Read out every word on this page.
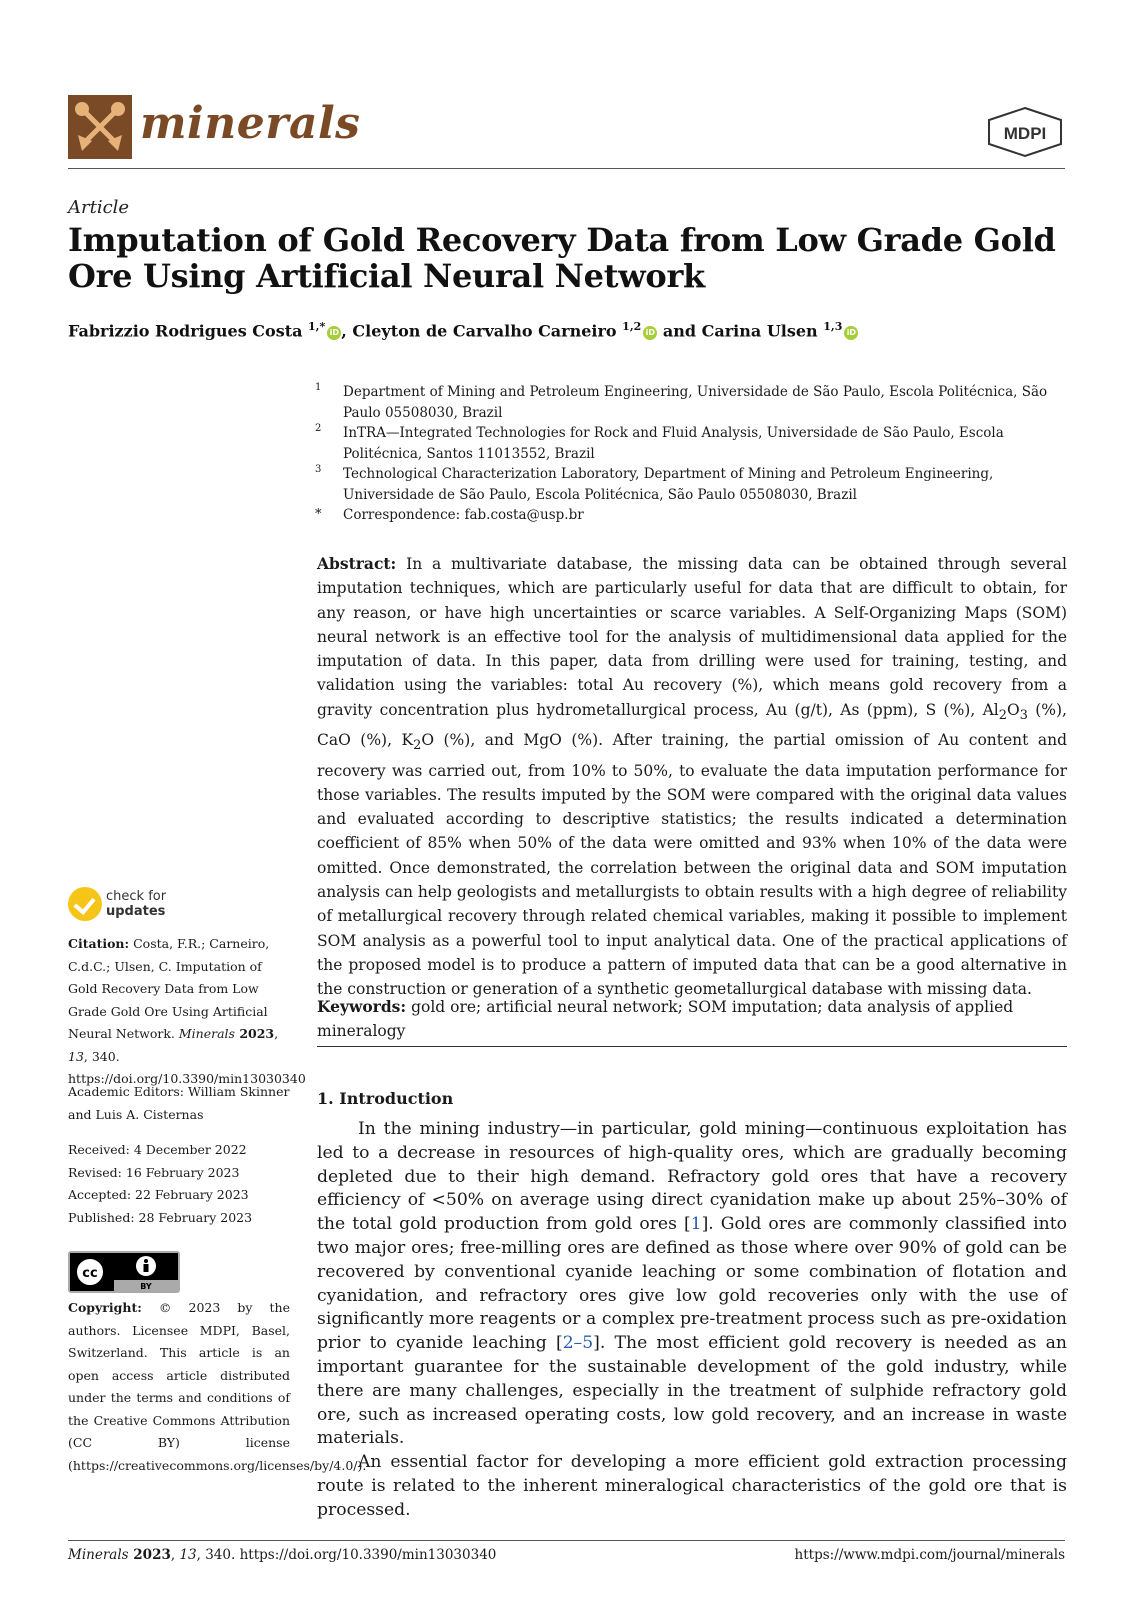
minerals	MDPI
Article
Imputation of Gold Recovery Data from Low Grade Gold Ore Using Artificial Neural Network
Fabrizzio Rodrigues Costa $^{1,*}$ iD , Cleyton de Carvalho Carneiro $^{1,2}$ iD and Carina Ulsen $^{1,3}$ iD
1 Department of Mining and Petroleum Engineering, Universidade de São Paulo, Escola Politécnica, São Paulo 05508030, Brazil
2 InTRA—Integrated Technologies for Rock and Fluid Analysis, Universidade de São Paulo, Escola Politécnica, Santos 11013552, Brazil
3 Technological Characterization Laboratory, Department of Mining and Petroleum Engineering, Universidade de São Paulo, Escola Politécnica, São Paulo 05508030, Brazil
* Correspondence: fab.costa@usp.br
Abstract: In a multivariate database, the missing data can be obtained through several imputation techniques, which are particularly useful for data that are difficult to obtain, for any reason, or have high uncertainties or scarce variables. A Self-Organizing Maps (SOM) neural network is an effective tool for the analysis of multidimensional data applied for the imputation of data. In this paper, data from drilling were used for training, testing, and validation using the variables: total Au recovery (%), which means gold recovery from a gravity concentration plus hydrometallurgical process, Au (g/t), As (ppm), S (%), $Al_2O_3$ (%), CaO (%), $K_2O$ (%), and MgO (%). After training, the partial omission of Au content and recovery was carried out, from 10% to 50%, to evaluate the data imputation performance for those variables. The results imputed by the SOM were compared with the original data values and evaluated according to descriptive statistics; the results indicated a determination coefficient of 85% when 50% of the data were omitted and 93% when 10% of the data were omitted. Once demonstrated, the correlation between the original data and SOM imputation analysis can help geologists and metallurgists to obtain results with a high degree of reliability of metallurgical recovery through related chemical variables, making it possible to implement SOM analysis as a powerful tool to input analytical data. One of the practical applications of the proposed model is to produce a pattern of imputed data that can be a good alternative in the construction or generation of a synthetic geometallurgical database with missing data.
Keywords: gold ore; artificial neural network; SOM imputation; data analysis of applied mineralogy
1. Introduction

In the mining industry—in particular, gold mining—continuous exploitation has led to a decrease in resources of high-quality ores, which are gradually becoming depleted due to their high demand. Refractory gold ores that have a recovery efficiency of <50% on average using direct cyanidation make up about 25%–30% of the total gold production from gold ores [1]. Gold ores are commonly classified into two major ores; free-milling ores are defined as those where over 90% of gold can be recovered by conventional cyanide leaching or some combination of flotation and cyanidation, and refractory ores give low gold recoveries only with the use of significantly more reagents or a complex pre-treatment process such as pre-oxidation prior to cyanide leaching [2–5]. The most efficient gold recovery is needed as an important guarantee for the sustainable development of the gold industry, while there are many challenges, especially in the treatment of sulphide refractory gold ore, such as increased operating costs, low gold recovery, and an increase in waste materials.

An essential factor for developing a more efficient gold extraction processing route is related to the inherent mineralogical characteristics of the gold ore that is processed.

check for
updates
Citation: Costa, F.R.; Carneiro, C.d.C.; Ulsen, C. Imputation of Gold Recovery Data from Low Grade Gold Ore Using Artificial Neural Network. Minerals 2023, 13, 340. https://doi.org/10.3390/min13030340
Academic Editors: William Skinner and Luis A. Cisternas
Received: 4 December 2022
Revised: 16 February 2023
Accepted: 22 February 2023
Published: 28 February 2023
cc
BY
Copyright: © 2023 by the authors. Licensee MDPI, Basel, Switzerland. This article is an open access article distributed under the terms and conditions of the Creative Commons Attribution (CC BY) license (https://creativecommons.org/licenses/by/4.0/).
Minerals 2023, 13, 340. https://doi.org/10.3390/min13030340	https://www.mdpi.com/journal/minerals
